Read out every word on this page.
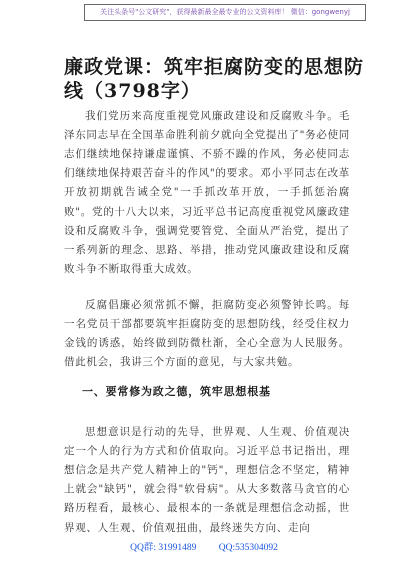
关注头条号"公文研究"，获得最新最全最专业的公文资料库！ 微信：gongwenyj
廉政党课：筑牢拒腐防变的思想防线（3798字）

我们党历来高度重视党风廉政建设和反腐败斗争。毛泽东同志早在全国革命胜利前夕就向全党提出了"务必使同志们继续地保持谦虚谨慎、不骄不躁的作风，务必使同志们继续地保持艰苦奋斗的作风"的要求。邓小平同志在改革开放初期就告诫全党"一手抓改革开放，一手抓惩治腐败"。党的十八大以来，习近平总书记高度重视党风廉政建设和反腐败斗争，强调党要管党、全面从严治党，提出了一系列新的理念、思路、举措，推动党风廉政建设和反腐败斗争不断取得重大成效。

反腐倡廉必须常抓不懈，拒腐防变必须警钟长鸣。每一名党员干部都要筑牢拒腐防变的思想防线，经受住权力金钱的诱惑，始终做到防微杜渐，全心全意为人民服务。借此机会，我讲三个方面的意见，与大家共勉。

一、要常修为政之德，筑牢思想根基

思想意识是行动的先导，世界观、人生观、价值观决定一个人的行为方式和价值取向。习近平总书记指出，理想信念是共产党人精神上的"钙"，理想信念不坚定，精神上就会"缺钙"，就会得"软骨病"。从大多数落马贪官的心路历程看，最核心、最根本的一条就是理想信念动摇，世界观、人生观、价值观扭曲，最终迷失方向、走向

QQ群: 31991489 QQ:535304092
